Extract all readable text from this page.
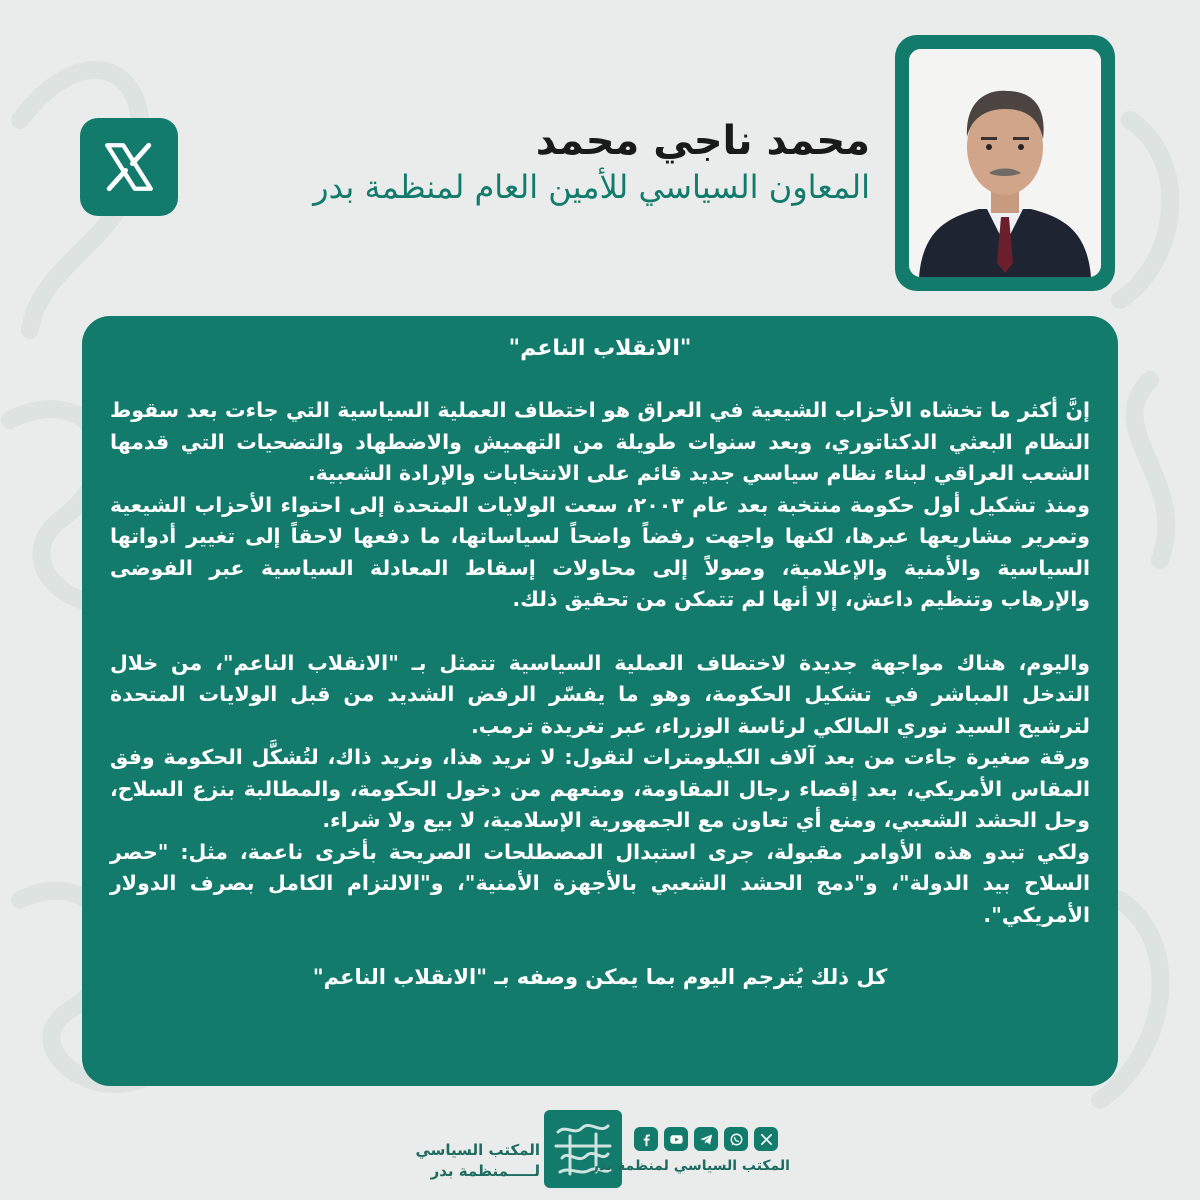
محمد ناجي محمد
المعاون السياسي للأمين العام لمنظمة بدر
"الانقلاب الناعم"

إنَّ أكثر ما تخشاه الأحزاب الشيعية في العراق هو اختطاف العملية السياسية التي جاءت بعد سقوط النظام البعثي الدكتاتوري، وبعد سنوات طويلة من التهميش والاضطهاد والتضحيات التي قدمها الشعب العراقي لبناء نظام سياسي جديد قائم على الانتخابات والإرادة الشعبية.

ومنذ تشكيل أول حكومة منتخبة بعد عام ٢٠٠٣، سعت الولايات المتحدة إلى احتواء الأحزاب الشيعية وتمرير مشاريعها عبرها، لكنها واجهت رفضاً واضحاً لسياساتها، ما دفعها لاحقاً إلى تغيير أدواتها السياسية والأمنية والإعلامية، وصولاً إلى محاولات إسقاط المعادلة السياسية عبر الفوضى والإرهاب وتنظيم داعش، إلا أنها لم تتمكن من تحقيق ذلك.

واليوم، هناك مواجهة جديدة لاختطاف العملية السياسية تتمثل بـ "الانقلاب الناعم"، من خلال التدخل المباشر في تشكيل الحكومة، وهو ما يفسّر الرفض الشديد من قبل الولايات المتحدة لترشيح السيد نوري المالكي لرئاسة الوزراء، عبر تغريدة ترمب.

ورقة صغيرة جاءت من بعد آلاف الكيلومترات لتقول: لا نريد هذا، ونريد ذاك، لتُشكَّل الحكومة وفق المقاس الأمريكي، بعد إقصاء رجال المقاومة، ومنعهم من دخول الحكومة، والمطالبة بنزع السلاح، وحل الحشد الشعبي، ومنع أي تعاون مع الجمهورية الإسلامية، لا بيع ولا شراء.

ولكي تبدو هذه الأوامر مقبولة، جرى استبدال المصطلحات الصريحة بأخرى ناعمة، مثل: "حصر السلاح بيد الدولة"، و"دمج الحشد الشعبي بالأجهزة الأمنية"، و"الالتزام الكامل بصرف الدولار الأمريكي".

كل ذلك يُترجم اليوم بما يمكن وصفه بـ "الانقلاب الناعم"
المكتب السياسي
لـــــمنظمة بدر	المكتب السياسي لمنظمة بدر
